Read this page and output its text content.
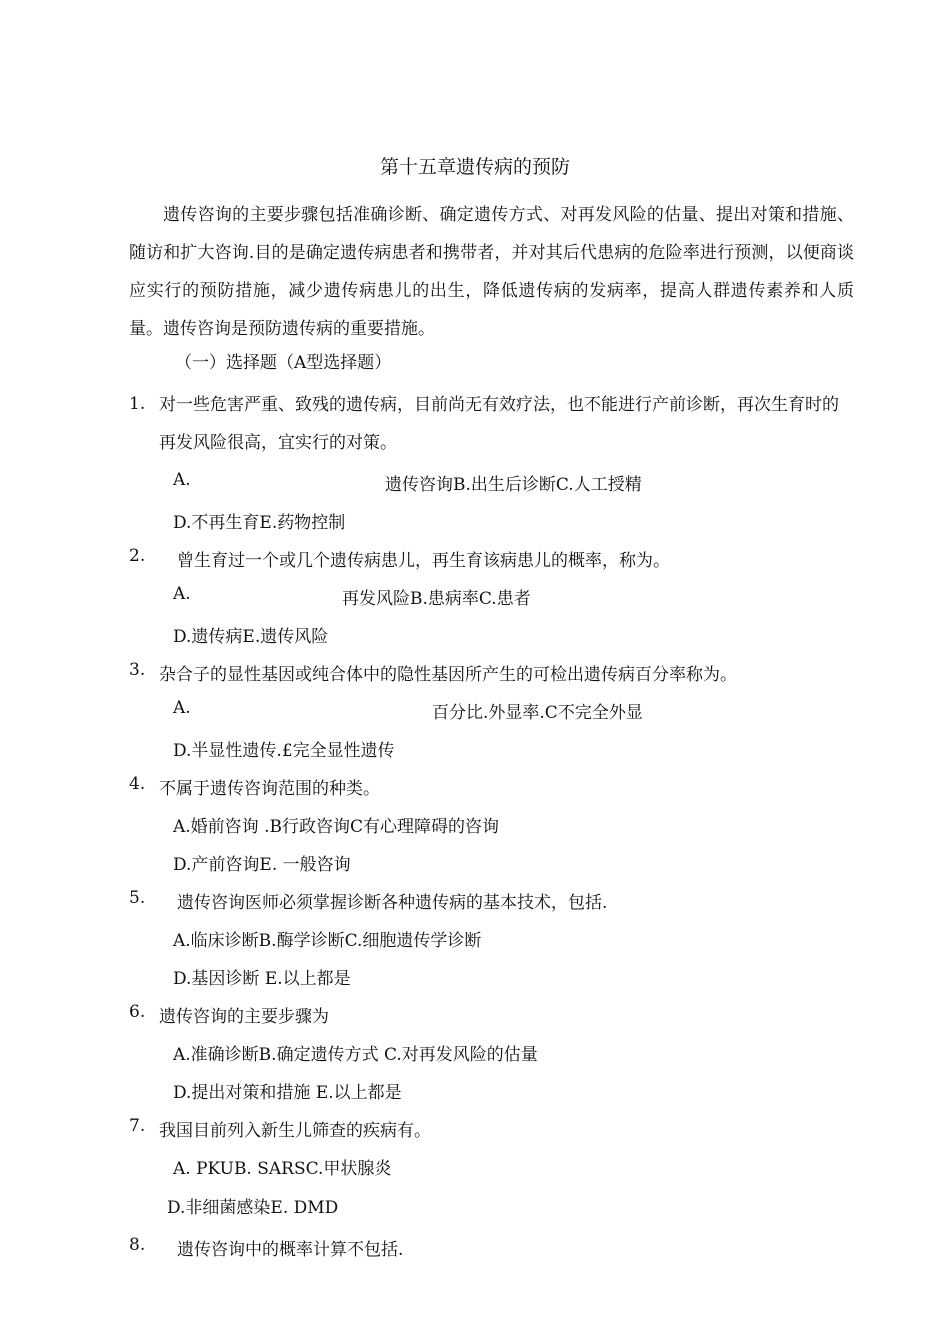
第十五章遗传病的预防

遗传咨询的主要步骤包括准确诊断、确定遗传方式、对再发风险的估量、提出对策和措施、随访和扩大咨询.目的是确定遗传病患者和携带者，并对其后代患病的危险率进行预测，以便商谈应实行的预防措施，减少遗传病患儿的出生，降低遗传病的发病率，提高人群遗传素养和人质量。遗传咨询是预防遗传病的重要措施。

（一）选择题（A型选择题）
1. 对一些危害严重、致残的遗传病，目前尚无有效疗法，也不能进行产前诊断，再次生育时的再发风险很高，宜实行的对策。
A.	遗传咨询B.出生后诊断C.人工授精
D.不再生育E.药物控制
2. 曾生育过一个或几个遗传病患儿，再生育该病患儿的概率，称为。
A.	再发风险B.患病率C.患者
D.遗传病E.遗传风险
3. 杂合子的显性基因或纯合体中的隐性基因所产生的可检出遗传病百分率称为。
A.	百分比.外显率.C不完全外显
D.半显性遗传.£完全显性遗传
4. 不属于遗传咨询范围的种类。
A.婚前咨询 .B行政咨询C有心理障碍的咨询
D.产前咨询E. 一般咨询
5. 遗传咨询医师必须掌握诊断各种遗传病的基本技术，包括.
A.临床诊断B.酶学诊断C.细胞遗传学诊断
D.基因诊断 E.以上都是
6. 遗传咨询的主要步骤为
A.准确诊断B.确定遗传方式 C.对再发风险的估量
D.提出对策和措施 E.以上都是
7. 我国目前列入新生儿筛查的疾病有。
A. PKUB. SARSC.甲状腺炎
D.非细菌感染E. DMD
8. 遗传咨询中的概率计算不包括.
